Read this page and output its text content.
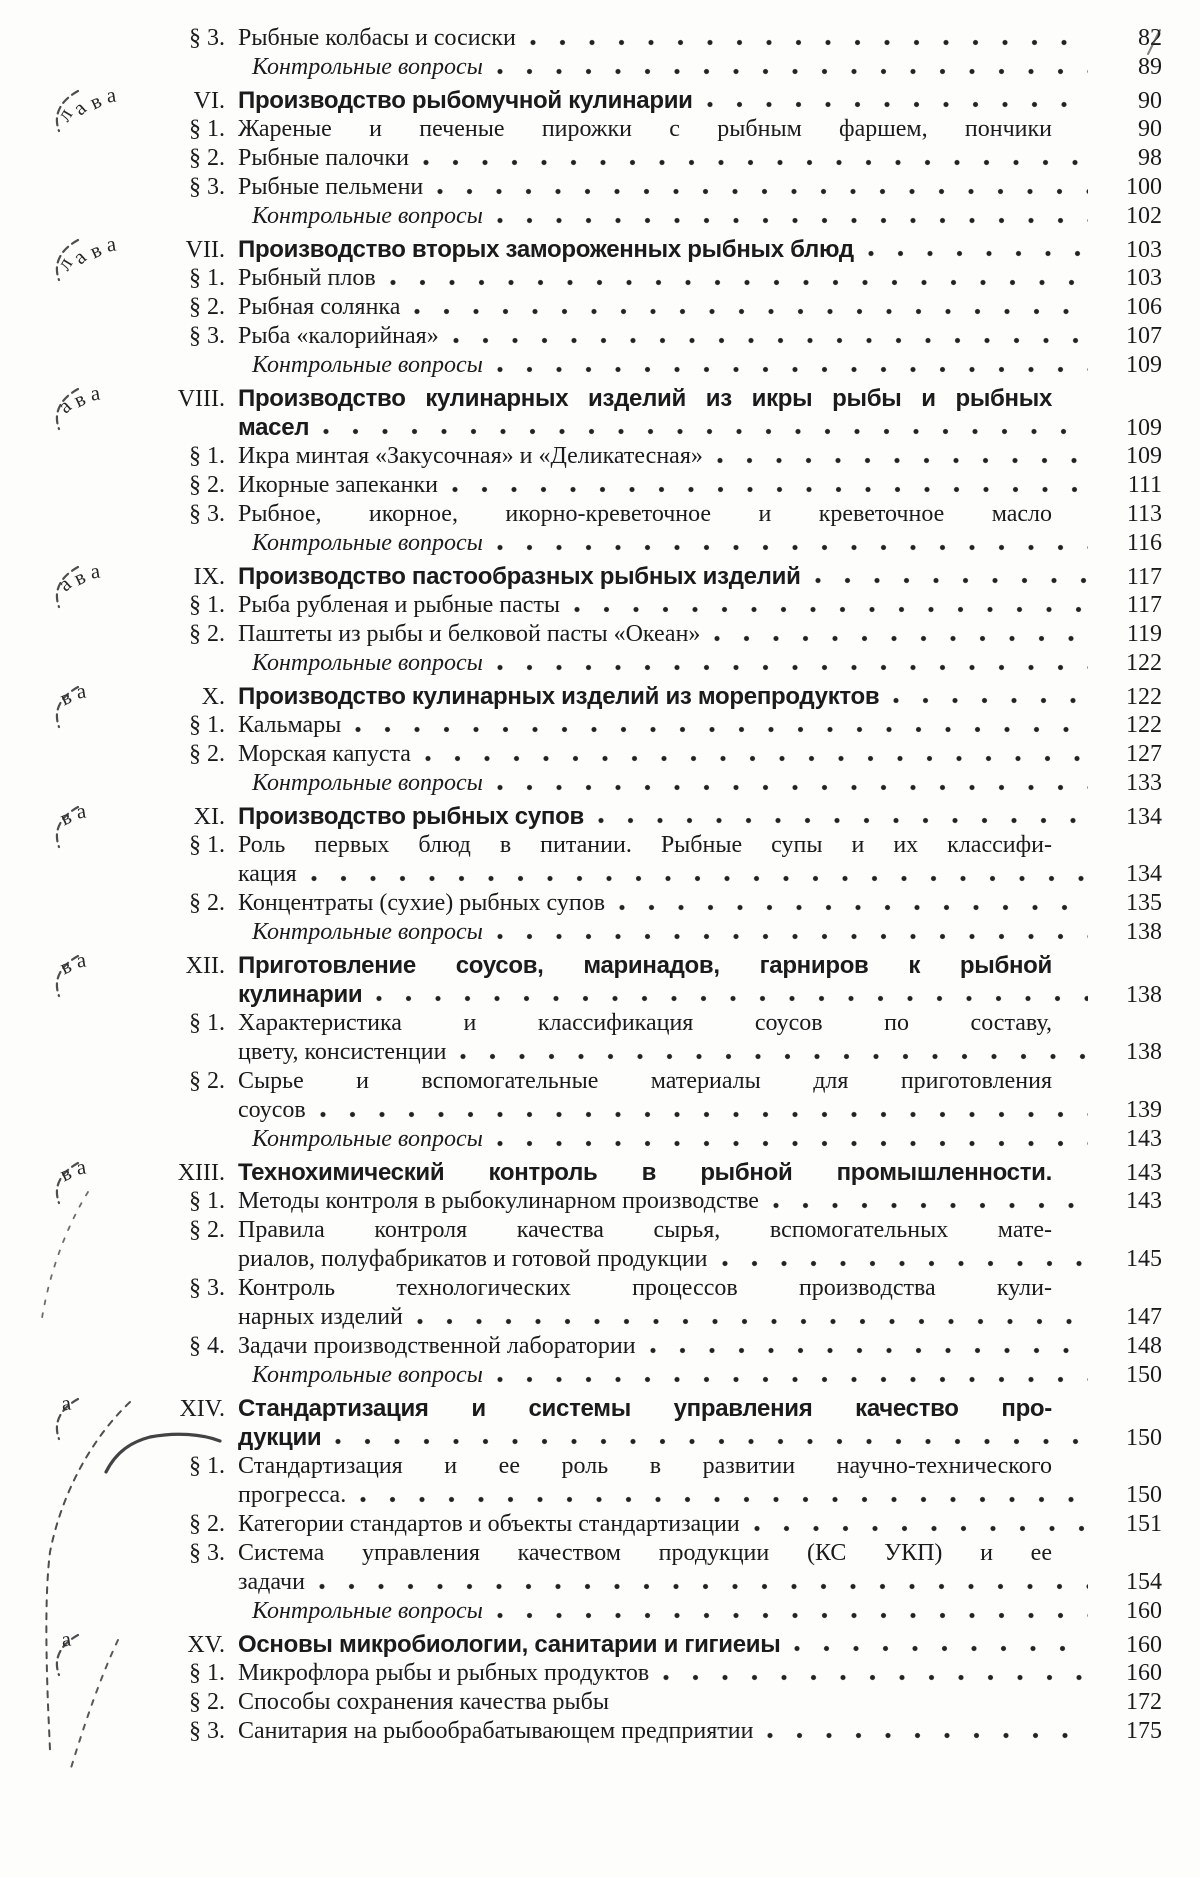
§ 3. Рыбные колбасы и сосиски	82
Контрольные вопросы	89
лава	VI. Производство рыбомучной кулинарии	90
§ 1. Жареные и печеные пирожки с рыбным фаршем, пончики	90
§ 2. Рыбные палочки	98
§ 3. Рыбные пельмени	100
Контрольные вопросы	102
лава	VII. Производство вторых замороженных рыбных блюд	103
§ 1. Рыбный плов	103
§ 2. Рыбная солянка	106
§ 3. Рыба «калорийная»	107
Контрольные вопросы	109
ава	VIII. Производство кулинарных изделий из икры рыбы и рыбных
масел	109
§ 1. Икра минтая «Закусочная» и «Деликатесная»	109
§ 2. Икорные запеканки	111
§ 3. Рыбное, икорное, икорно-креветочное и креветочное масло	113
Контрольные вопросы	116
ава	IX. Производство пастообразных рыбных изделий	117
§ 1. Рыба рубленая и рыбные пасты	117
§ 2. Паштеты из рыбы и белковой пасты «Океан»	119
Контрольные вопросы	122
ва	X. Производство кулинарных изделий из морепродуктов	122
§ 1. Кальмары	122
§ 2. Морская капуста	127
Контрольные вопросы	133
ва	XI. Производство рыбных супов	134
§ 1. Роль первых блюд в питании. Рыбные супы и их классифи-
кация	134
§ 2. Концентраты (сухие) рыбных супов	135
Контрольные вопросы	138
ва	XII. Приготовление соусов, маринадов, гарниров к рыбной
кулинарии	138
§ 1. Характеристика и классификация соусов по составу,
цвету, консистенции	138
§ 2. Сырье и вспомогательные материалы для приготовления
соусов	139
Контрольные вопросы	143
ва	XIII. Технохимический контроль в рыбной промышленности.	143
§ 1. Методы контроля в рыбокулинарном производстве	143
§ 2. Правила контроля качества сырья, вспомогательных мате-
риалов, полуфабрикатов и готовой продукции	145
§ 3. Контроль технологических процессов производства кули-
нарных изделий	147
§ 4. Задачи производственной лаборатории	148
Контрольные вопросы	150
а	XIV. Стандартизация и системы управления качество про-
дукции	150
§ 1. Стандартизация и ее роль в развитии научно-технического
прогресса.	150
§ 2. Категории стандартов и объекты стандартизации	151
§ 3. Система управления качеством продукции (КС УКП) и ее
задачи	154
Контрольные вопросы	160
а	XV. Основы микробиологии, санитарии и гигиеиы	160
§ 1. Микрофлора рыбы и рыбных продуктов	160
§ 2. Способы сохранения качества рыбы	172
§ 3. Санитария на рыбообрабатывающем предприятии	175
